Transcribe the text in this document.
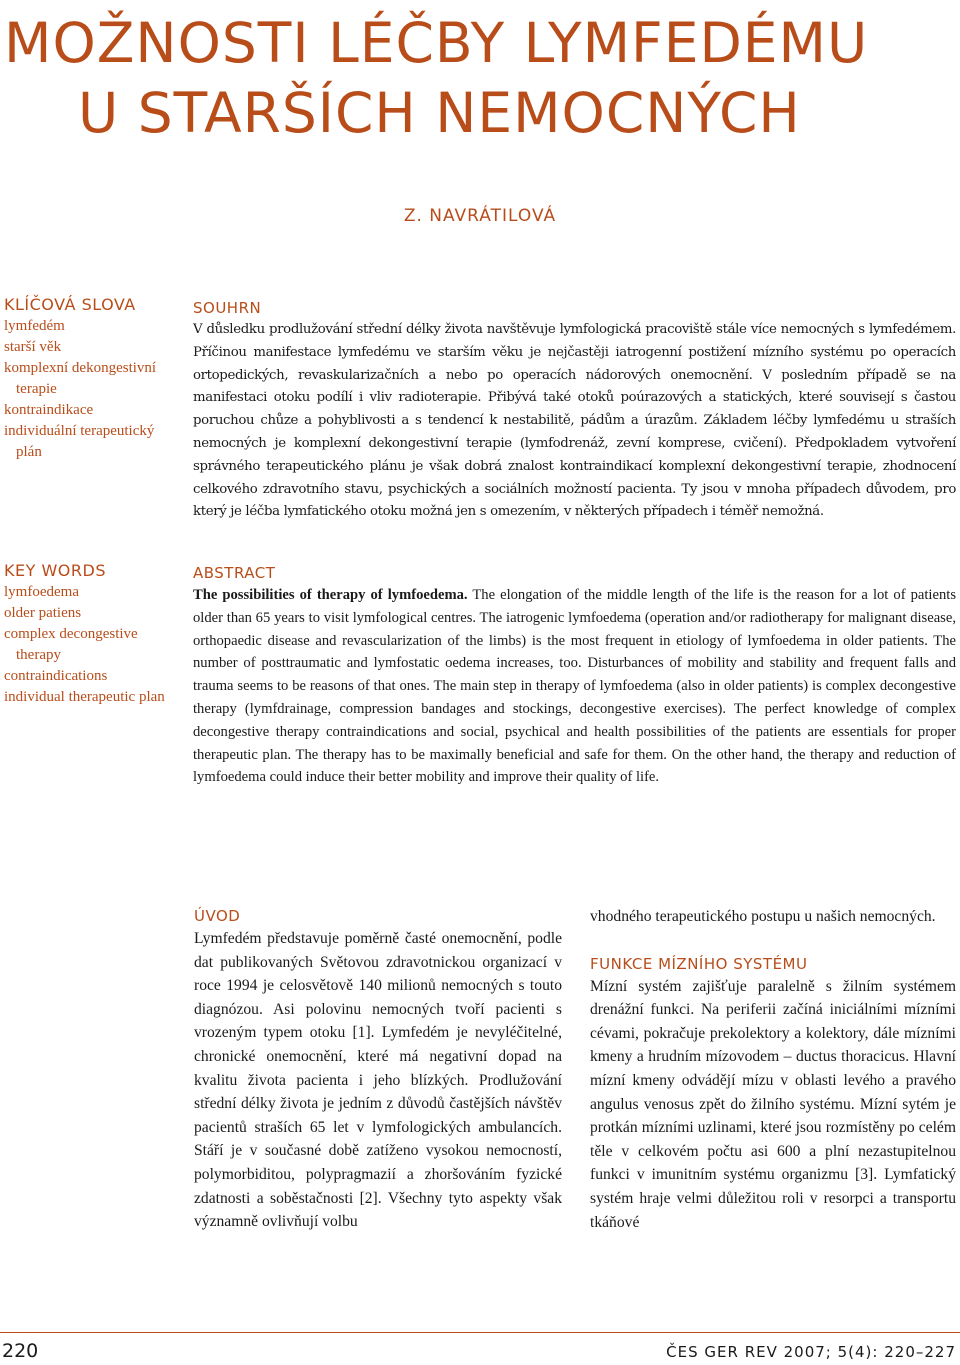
MOŽNOSTI LÉČBY LYMFEDÉMU
U STARŠÍCH NEMOCNÝCH
Z. NAVRÁTILOVÁ
KLÍČOVÁ SLOVA
lymfedém
starší věk
komplexní dekongestivní terapie
kontraindikace
individuální terapeutický plán
KEY WORDS
lymfoedema
older patiens
complex decongestive therapy
contraindications
individual therapeutic plan
SOUHRN

V důsledku prodlužování střední délky života navštěvuje lymfologická pracoviště stále více nemocných s lymfedémem. Příčinou manifestace lymfedému ve starším věku je nejčastěji iatrogenní postižení mízního systému po operacích ortopedických, revaskularizačních a nebo po operacích nádorových onemocnění. V posledním případě se na manifestaci otoku podílí i vliv radioterapie. Přibývá také otoků poúrazových a statických, které souvisejí s častou poruchou chůze a pohyblivosti a s tendencí k nestabilitě, pádům a úrazům. Základem léčby lymfedému u straších nemocných je komplexní dekongestivní terapie (lymfodrenáž, zevní komprese, cvičení). Předpokladem vytvoření správného terapeutického plánu je však dobrá znalost kontraindikací komplexní dekongestivní terapie, zhodnocení celkového zdravotního stavu, psychických a sociálních možností pacienta. Ty jsou v mnoha případech důvodem, pro který je léčba lymfatického otoku možná jen s omezením, v některých případech i téměř nemožná.

ABSTRACT

The possibilities of therapy of lymfoedema. The elongation of the middle length of the life is the reason for a lot of patients older than 65 years to visit lymfological centres. The iatrogenic lymfoedema (operation and/or radiotherapy for malignant disease, orthopaedic disease and revascularization of the limbs) is the most frequent in etiology of lymfoedema in older patients. The number of posttraumatic and lymfostatic oedema increases, too. Disturbances of mobility and stability and frequent falls and trauma seems to be reasons of that ones. The main step in therapy of lymfoedema (also in older patients) is complex decongestive therapy (lymfdrainage, compression bandages and stockings, decongestive exercises). The perfect knowledge of complex decongestive therapy contraindications and social, psychical and health possibilities of the patients are essentials for proper therapeutic plan. The therapy has to be maximally beneficial and safe for them. On the other hand, the therapy and reduction of lymfoedema could induce their better mobility and improve their quality of life.

ÚVOD

Lymfedém představuje poměrně časté onemocnění, podle dat publikovaných Světovou zdravotnickou organizací v roce 1994 je celosvětově 140 milionů nemocných s touto diagnózou. Asi polovinu nemocných tvoří pacienti s vrozeným typem otoku [1]. Lymfedém je nevyléčitelné, chronické onemocnění, které má negativní dopad na kvalitu života pacienta i jeho blízkých. Prodlužování střední délky života je jedním z důvodů častějších návštěv pacientů straších 65 let v lymfologických ambulancích. Stáří je v současné době zatíženo vysokou nemocností, polymorbiditou, polypragmazií a zhoršováním fyzické zdatnosti a soběstačnosti [2]. Všechny tyto aspekty však významně ovlivňují volbu

vhodného terapeutického postupu u našich nemocných.

FUNKCE MÍZNÍHO SYSTÉMU

Mízní systém zajišťuje paralelně s žilním systémem drenážní funkci. Na periferii začíná iniciálními mízními cévami, pokračuje prekolektory a kolektory, dále mízními kmeny a hrudním mízovodem – ductus thoracicus. Hlavní mízní kmeny odvádějí mízu v oblasti levého a pravého angulus venosus zpět do žilního systému. Mízní sytém je protkán mízními uzlinami, které jsou rozmístěny po celém těle v celkovém počtu asi 600 a plní nezastupitelnou funkci v imunitním systému organizmu [3]. Lymfatický systém hraje velmi důležitou roli v resorpci a transportu tkáňové

220	ČES GER REV 2007; 5(4): 220–227
